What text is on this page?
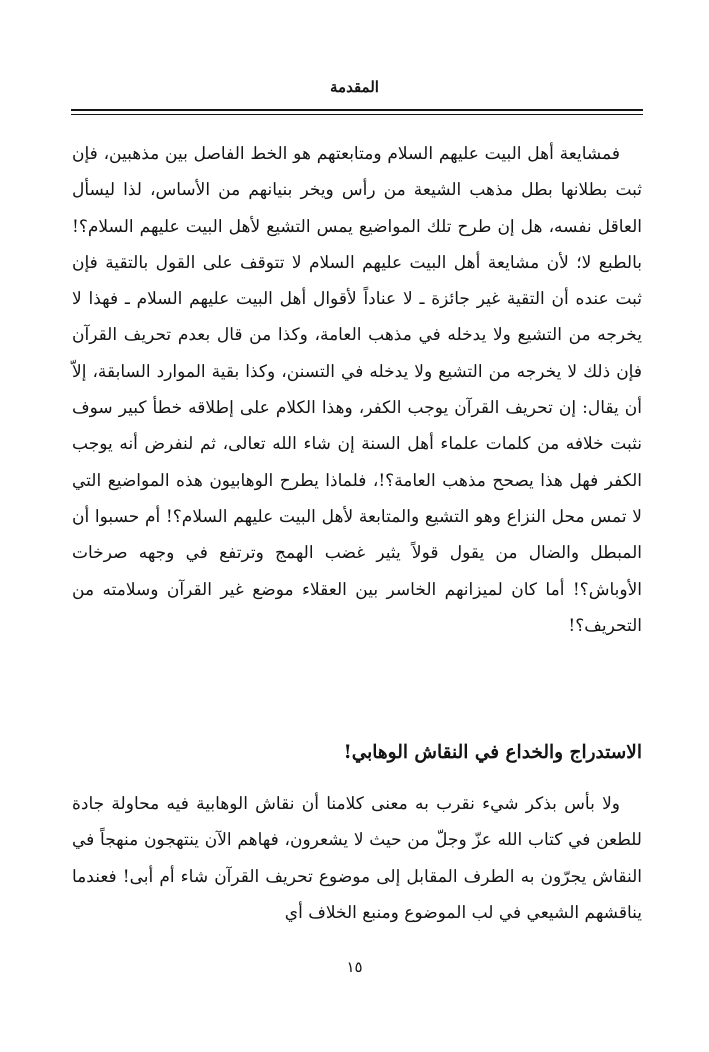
المقدمة

فمشايعة أهل البيت عليهم السلام ومتابعتهم هو الخط الفاصل بين مذهبين، فإن ثبت بطلانها بطل مذهب الشيعة من رأس ويخر بنيانهم من الأساس، لذا ليسأل العاقل نفسه، هل إن طرح تلك المواضيع يمس التشيع لأهل البيت عليهم السلام؟! بالطبع لا؛ لأن مشايعة أهل البيت عليهم السلام لا تتوقف على القول بالتقية فإن ثبت عنده أن التقية غير جائزة ـ لا عناداً لأقوال أهل البيت عليهم السلام ـ فهذا لا يخرجه من التشيع ولا يدخله في مذهب العامة، وكذا من قال بعدم تحريف القرآن فإن ذلك لا يخرجه من التشيع ولا يدخله في التسنن، وكذا بقية الموارد السابقة، إلاّ أن يقال: إن تحريف القرآن يوجب الكفر، وهذا الكلام على إطلاقه خطأ كبير سوف نثبت خلافه من كلمات علماء أهل السنة إن شاء الله تعالى، ثم لنفرض أنه يوجب الكفر فهل هذا يصحح مذهب العامة؟!، فلماذا يطرح الوهابيون هذه المواضيع التي لا تمس محل النزاع وهو التشيع والمتابعة لأهل البيت عليهم السلام؟! أم حسبوا أن المبطل والضال من يقول قولاً يثير غضب الهمج وترتفع في وجهه صرخات الأوباش؟! أما كان لميزانهم الخاسر بين العقلاء موضع غير القرآن وسلامته من التحريف؟!

الاستدراج والخداع في النقاش الوهابي!

ولا بأس بذكر شيء نقرب به معنى كلامنا أن نقاش الوهابية فيه محاولة جادة للطعن في كتاب الله عزّ وجلّ من حيث لا يشعرون، فهاهم الآن ينتهجون منهجاً في النقاش يجرّون به الطرف المقابل إلى موضوع تحريف القرآن شاء أم أبى! فعندما يناقشهم الشيعي في لب الموضوع ومنبع الخلاف أي

١٥
